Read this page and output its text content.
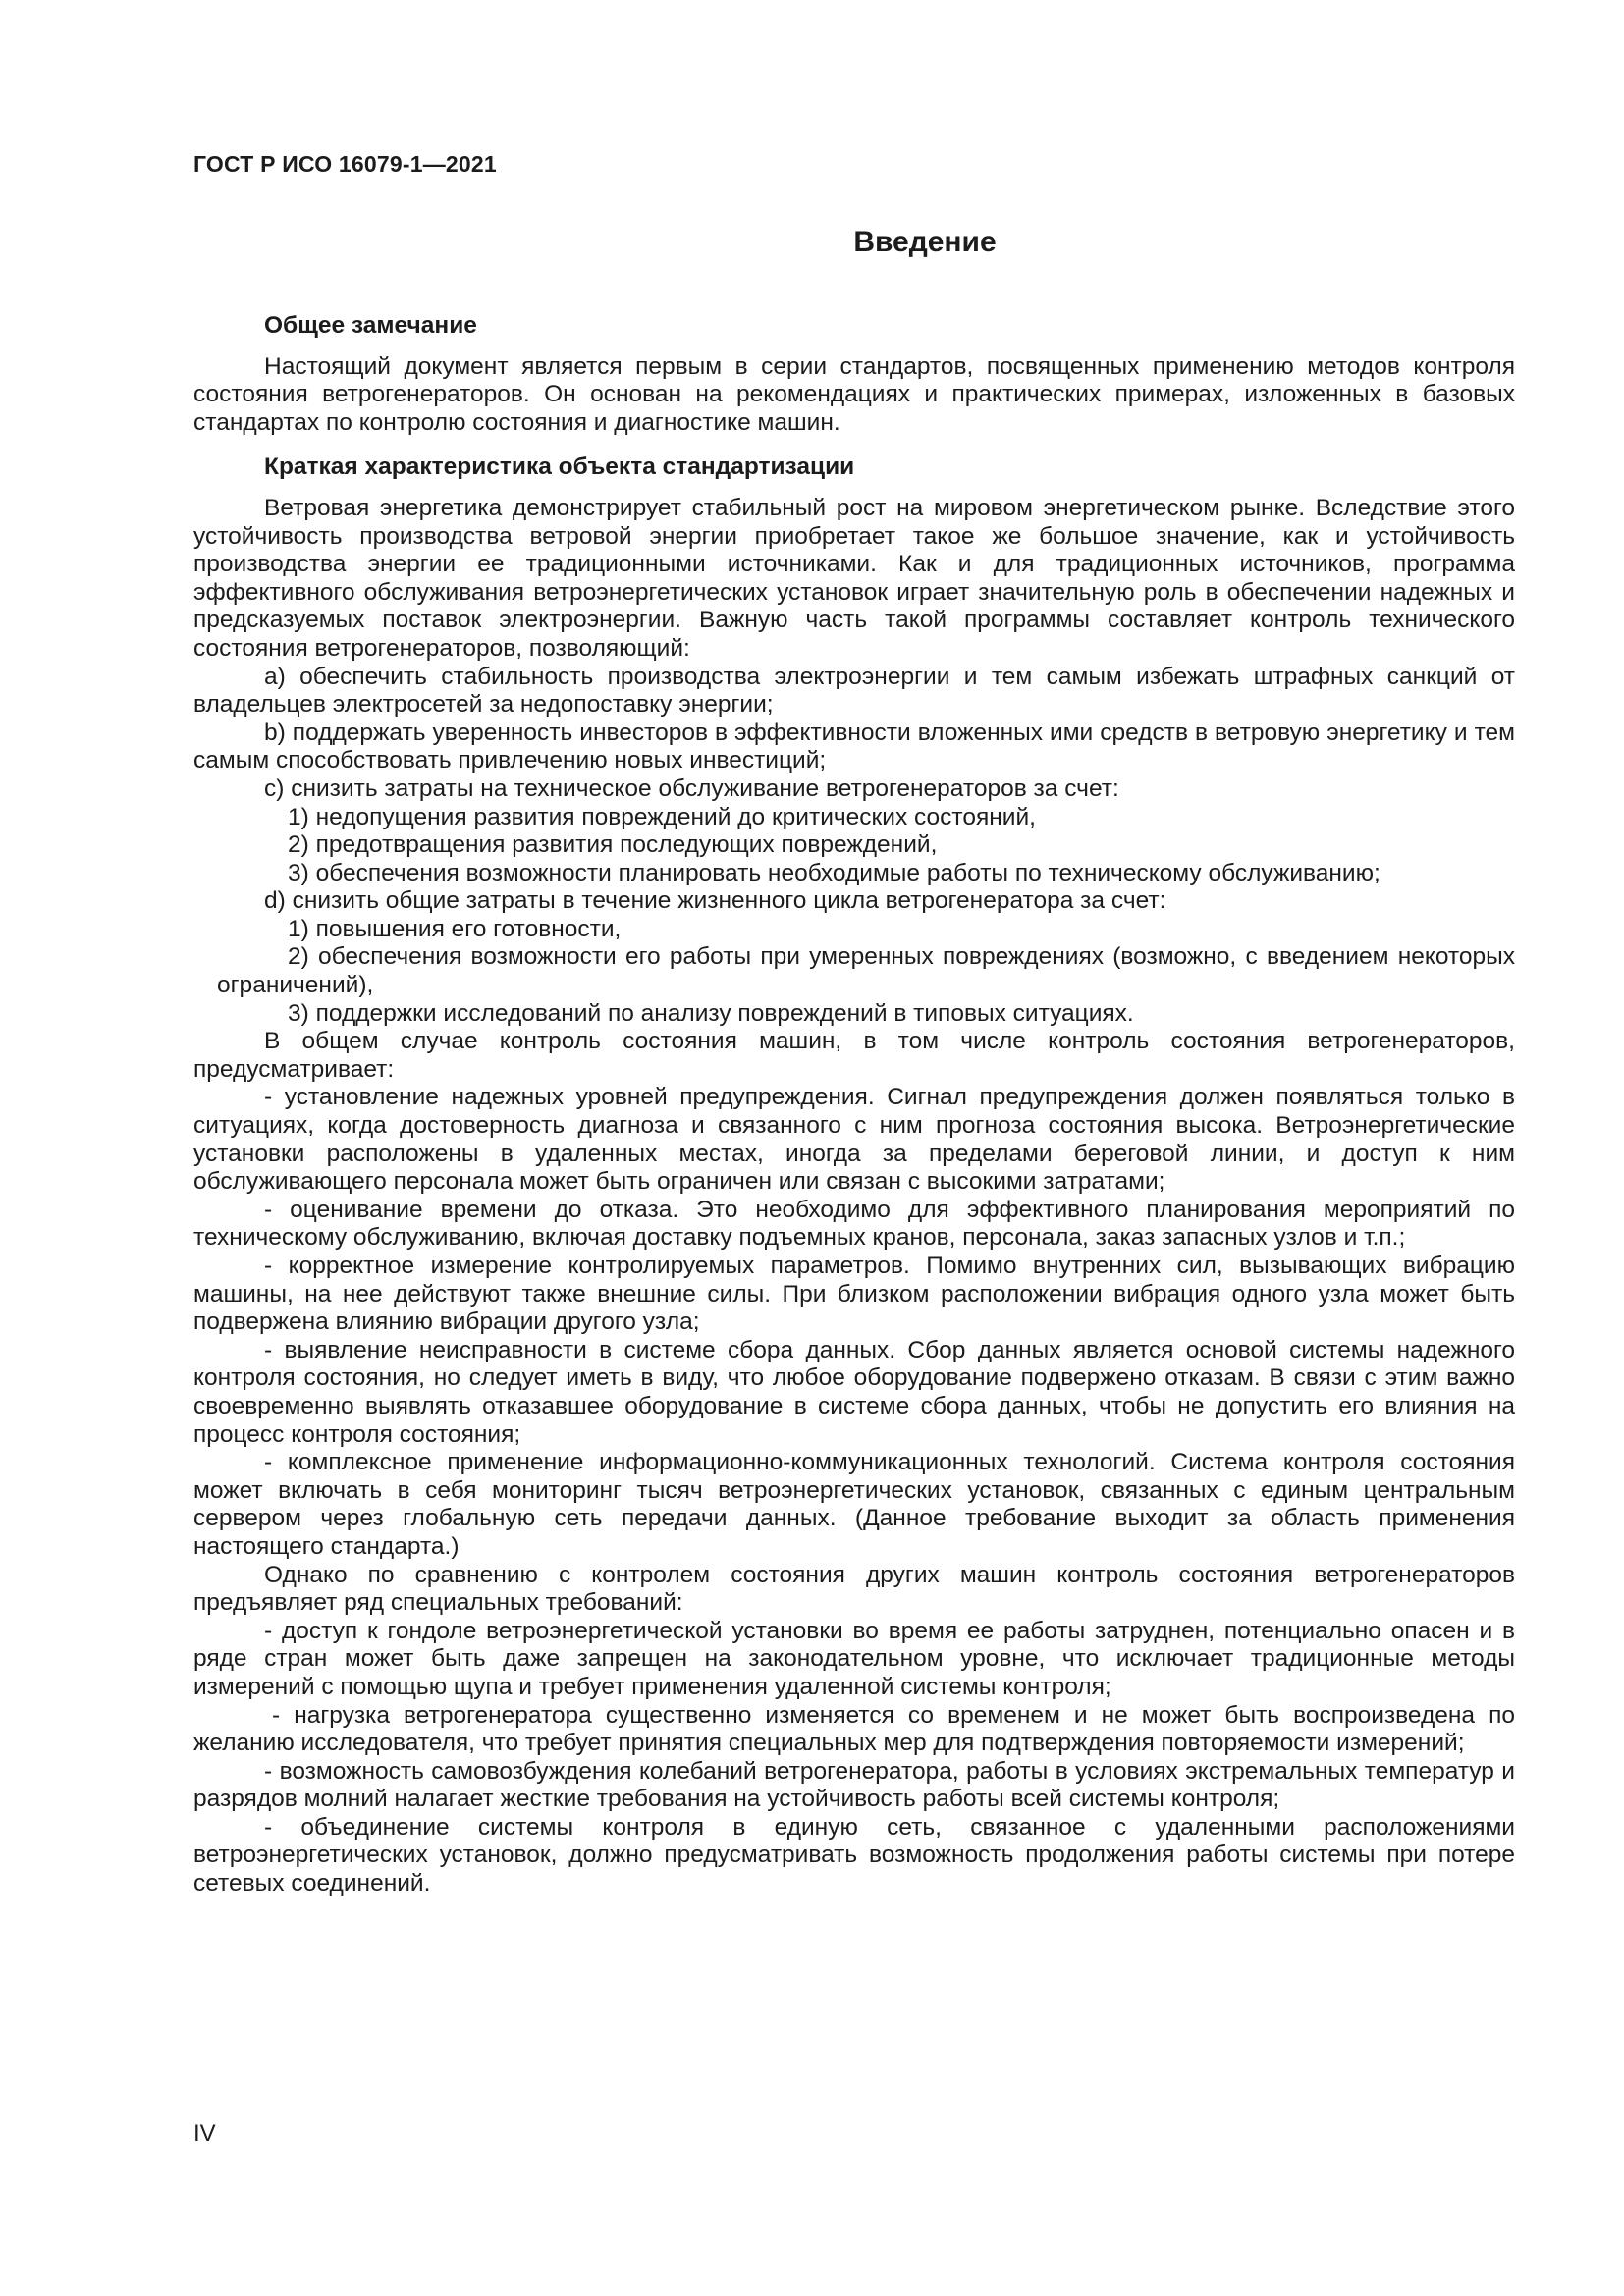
ГОСТ Р ИСО 16079-1—2021
Введение
Общее замечание

Настоящий документ является первым в серии стандартов, посвященных применению методов контроля состояния ветрогенераторов. Он основан на рекомендациях и практических примерах, изложенных в базовых стандартах по контролю состояния и диагностике машин.

Краткая характеристика объекта стандартизации

Ветровая энергетика демонстрирует стабильный рост на мировом энергетическом рынке. Вследствие этого устойчивость производства ветровой энергии приобретает такое же большое значение, как и устойчивость производства энергии ее традиционными источниками. Как и для традиционных источников, программа эффективного обслуживания ветроэнергетических установок играет значительную роль в обеспечении надежных и предсказуемых поставок электроэнергии. Важную часть такой программы составляет контроль технического состояния ветрогенераторов, позволяющий:

a) обеспечить стабильность производства электроэнергии и тем самым избежать штрафных санкций от владельцев электросетей за недопоставку энергии;

b) поддержать уверенность инвесторов в эффективности вложенных ими средств в ветровую энергетику и тем самым способствовать привлечению новых инвестиций;

c) снизить затраты на техническое обслуживание ветрогенераторов за счет:

1) недопущения развития повреждений до критических состояний,

2) предотвращения развития последующих повреждений,

3) обеспечения возможности планировать необходимые работы по техническому обслуживанию;

d) снизить общие затраты в течение жизненного цикла ветрогенератора за счет:

1) повышения его готовности,

2) обеспечения возможности его работы при умеренных повреждениях (возможно, с введением некоторых ограничений),

3) поддержки исследований по анализу повреждений в типовых ситуациях.

В общем случае контроль состояния машин, в том числе контроль состояния ветрогенераторов, предусматривает:

- установление надежных уровней предупреждения. Сигнал предупреждения должен появляться только в ситуациях, когда достоверность диагноза и связанного с ним прогноза состояния высока. Ветроэнергетические установки расположены в удаленных местах, иногда за пределами береговой линии, и доступ к ним обслуживающего персонала может быть ограничен или связан с высокими затратами;

- оценивание времени до отказа. Это необходимо для эффективного планирования мероприятий по техническому обслуживанию, включая доставку подъемных кранов, персонала, заказ запасных узлов и т.п.;

- корректное измерение контролируемых параметров. Помимо внутренних сил, вызывающих вибрацию машины, на нее действуют также внешние силы. При близком расположении вибрация одного узла может быть подвержена влиянию вибрации другого узла;

- выявление неисправности в системе сбора данных. Сбор данных является основой системы надежного контроля состояния, но следует иметь в виду, что любое оборудование подвержено отказам. В связи с этим важно своевременно выявлять отказавшее оборудование в системе сбора данных, чтобы не допустить его влияния на процесс контроля состояния;

- комплексное применение информационно-коммуникационных технологий. Система контроля состояния может включать в себя мониторинг тысяч ветроэнергетических установок, связанных с единым центральным сервером через глобальную сеть передачи данных. (Данное требование выходит за область применения настоящего стандарта.)

Однако по сравнению с контролем состояния других машин контроль состояния ветрогенераторов предъявляет ряд специальных требований:

- доступ к гондоле ветроэнергетической установки во время ее работы затруднен, потенциально опасен и в ряде стран может быть даже запрещен на законодательном уровне, что исключает традиционные методы измерений с помощью щупа и требует применения удаленной системы контроля;

- нагрузка ветрогенератора существенно изменяется со временем и не может быть воспроизведена по желанию исследователя, что требует принятия специальных мер для подтверждения повторяемости измерений;

- возможность самовозбуждения колебаний ветрогенератора, работы в условиях экстремальных температур и разрядов молний налагает жесткие требования на устойчивость работы всей системы контроля;

- объединение системы контроля в единую сеть, связанное с удаленными расположениями ветроэнергетических установок, должно предусматривать возможность продолжения работы системы при потере сетевых соединений.

IV
